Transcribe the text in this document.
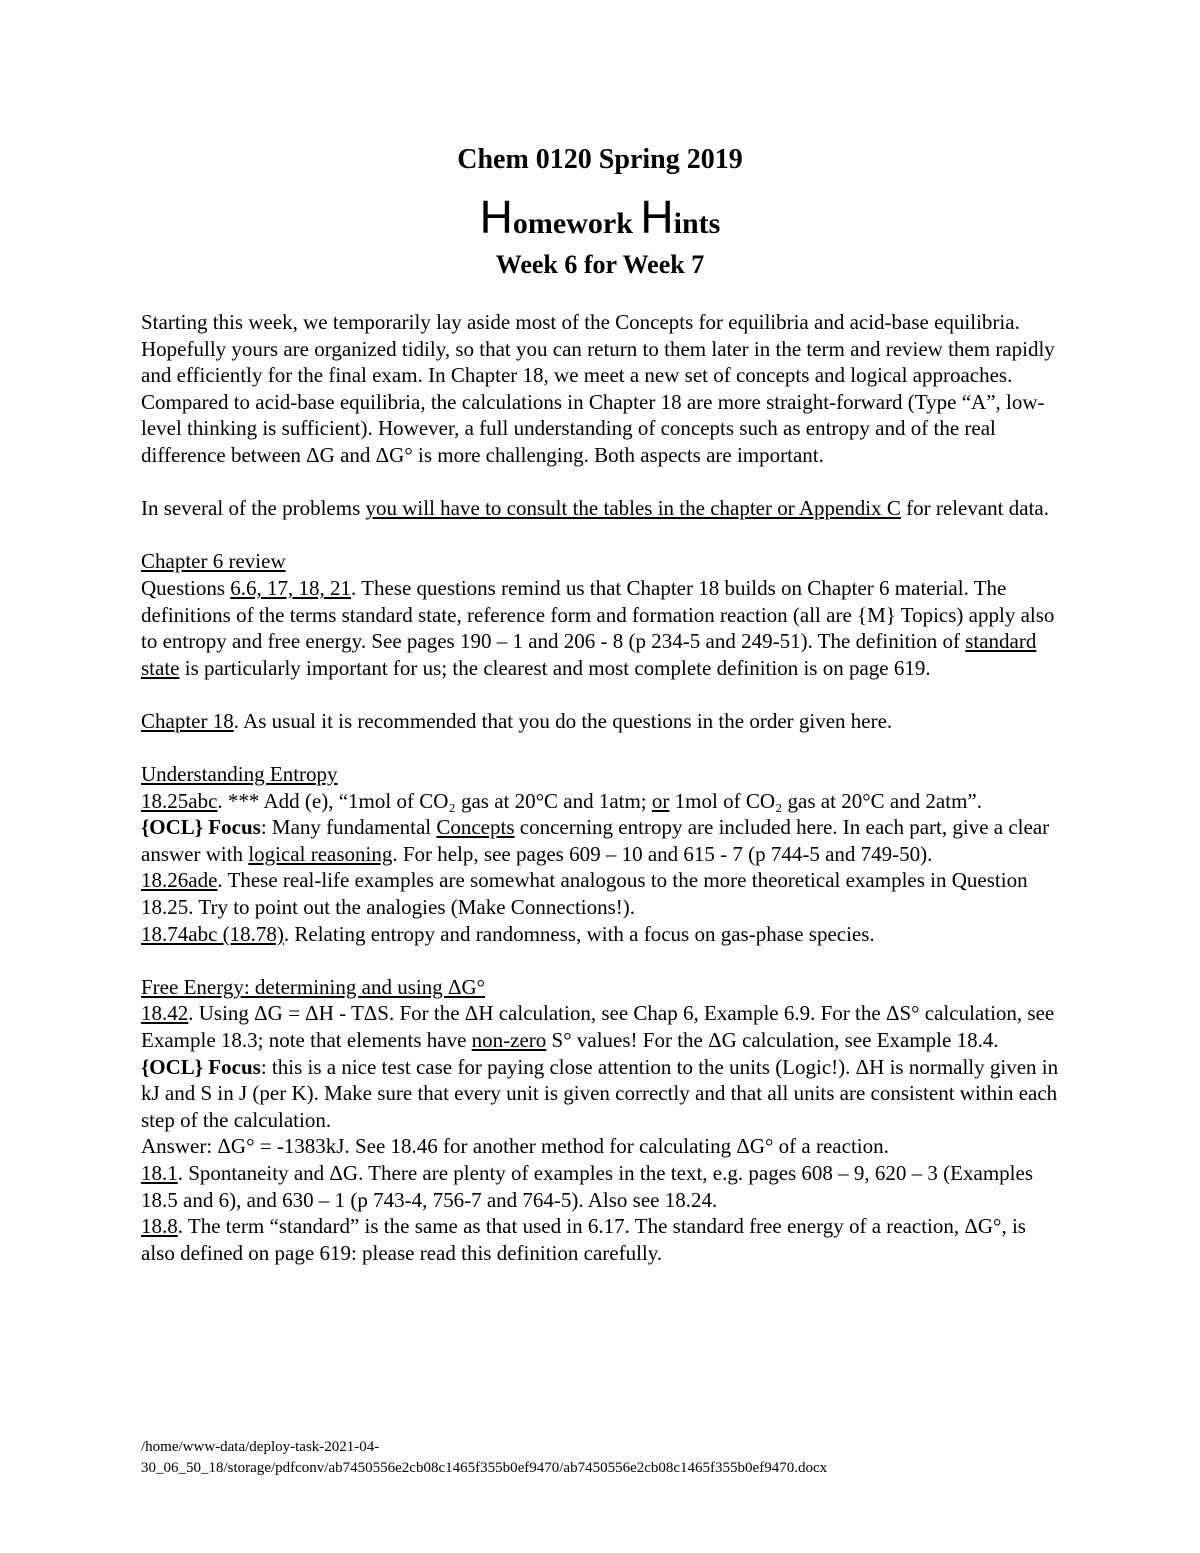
Chem 0120 Spring 2019
Homework Hints
Week 6 for Week 7

Starting this week, we temporarily lay aside most of the Concepts for equilibria and acid-base equilibria. Hopefully yours are organized tidily, so that you can return to them later in the term and review them rapidly and efficiently for the final exam. In Chapter 18, we meet a new set of concepts and logical approaches. Compared to acid-base equilibria, the calculations in Chapter 18 are more straight-forward (Type “A”, low-level thinking is sufficient). However, a full understanding of concepts such as entropy and of the real difference between ΔG and ΔG° is more challenging. Both aspects are important.

In several of the problems you will have to consult the tables in the chapter or Appendix C for relevant data.

Chapter 6 review

Questions 6.6, 17, 18, 21. These questions remind us that Chapter 18 builds on Chapter 6 material. The definitions of the terms standard state, reference form and formation reaction (all are {M} Topics) apply also to entropy and free energy. See pages 190 – 1 and 206 - 8 (p 234-5 and 249-51). The definition of standard state is particularly important for us; the clearest and most complete definition is on page 619.

Chapter 18. As usual it is recommended that you do the questions in the order given here.

Understanding Entropy

18.25abc. *** Add (e), “1mol of CO₂ gas at 20°C and 1atm; or 1mol of CO₂ gas at 20°C and 2atm”.

{OCL} Focus: Many fundamental Concepts concerning entropy are included here. In each part, give a clear answer with logical reasoning. For help, see pages 609 – 10 and 615 - 7 (p 744-5 and 749-50).

18.26ade. These real-life examples are somewhat analogous to the more theoretical examples in Question 18.25. Try to point out the analogies (Make Connections!).

18.74abc (18.78). Relating entropy and randomness, with a focus on gas-phase species.

Free Energy: determining and using ΔG°

18.42. Using ΔG = ΔH - TΔS. For the ΔH calculation, see Chap 6, Example 6.9. For the ΔS° calculation, see Example 18.3; note that elements have non-zero S° values! For the ΔG calculation, see Example 18.4. {OCL} Focus: this is a nice test case for paying close attention to the units (Logic!). ΔH is normally given in kJ and S in J (per K). Make sure that every unit is given correctly and that all units are consistent within each step of the calculation.

Answer: ΔG° = -1383kJ. See 18.46 for another method for calculating ΔG° of a reaction.

18.1. Spontaneity and ΔG. There are plenty of examples in the text, e.g. pages 608 – 9, 620 – 3 (Examples 18.5 and 6), and 630 – 1 (p 743-4, 756-7 and 764-5). Also see 18.24.

18.8. The term “standard” is the same as that used in 6.17. The standard free energy of a reaction, ΔG°, is also defined on page 619: please read this definition carefully.

/home/www-data/deploy-task-2021-04-
30_06_50_18/storage/pdfconv/ab7450556e2cb08c1465f355b0ef9470/ab7450556e2cb08c1465f355b0ef9470.docx
